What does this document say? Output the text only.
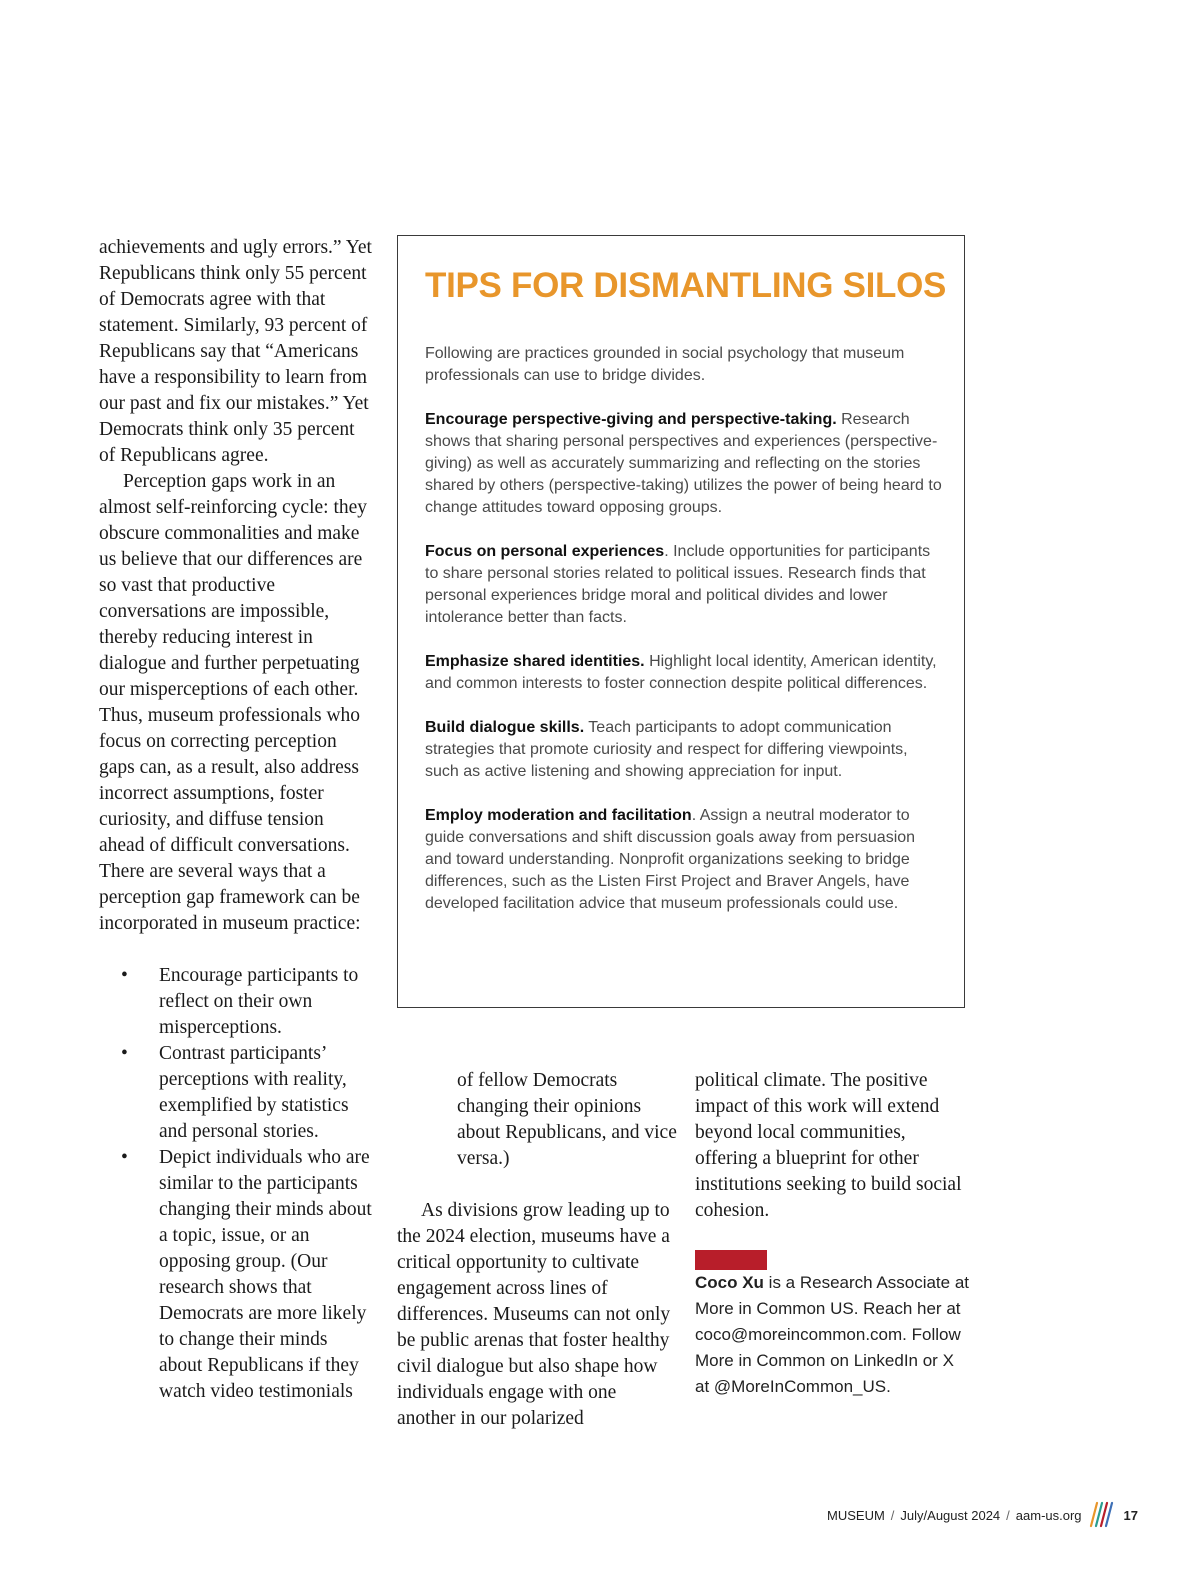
achievements and ugly errors.” Yet Republicans think only 55 percent of Democrats agree with that statement. Similarly, 93 percent of Republicans say that “Americans have a responsibility to learn from our past and fix our mistakes.” Yet Democrats think only 35 percent of Republicans agree.

Perception gaps work in an almost self-reinforcing cycle: they obscure commonalities and make us believe that our differences are so vast that productive conversations are impossible, thereby reducing interest in dialogue and further perpetuating our misperceptions of each other. Thus, museum professionals who focus on correcting perception gaps can, as a result, also address incorrect assumptions, foster curiosity, and diffuse tension ahead of difficult conversations. There are several ways that a perception gap framework can be incorporated in museum practice:

• Encourage participants to reflect on their own misperceptions.
• Contrast participants’ perceptions with reality, exemplified by statistics and personal stories.
• Depict individuals who are similar to the participants changing their minds about a topic, issue, or an opposing group. (Our research shows that Democrats are more likely to change their minds about Republicans if they watch video testimonials
TIPS FOR DISMANTLING SILOS

Following are practices grounded in social psychology that museum professionals can use to bridge divides.

Encourage perspective-giving and perspective-taking. Research shows that sharing personal perspectives and experiences (perspective-giving) as well as accurately summarizing and reflecting on the stories shared by others (perspective-taking) utilizes the power of being heard to change attitudes toward opposing groups.

Focus on personal experiences. Include opportunities for participants to share personal stories related to political issues. Research finds that personal experiences bridge moral and political divides and lower intolerance better than facts.

Emphasize shared identities. Highlight local identity, American identity, and common interests to foster connection despite political differences.

Build dialogue skills. Teach participants to adopt communication strategies that promote curiosity and respect for differing viewpoints, such as active listening and showing appreciation for input.

Employ moderation and facilitation. Assign a neutral moderator to guide conversations and shift discussion goals away from persuasion and toward understanding. Nonprofit organizations seeking to bridge differences, such as the Listen First Project and Braver Angels, have developed facilitation advice that museum professionals could use.

of fellow Democrats changing their opinions about Republicans, and vice versa.)

As divisions grow leading up to the 2024 election, museums have a critical opportunity to cultivate engagement across lines of differences. Museums can not only be public arenas that foster healthy civil dialogue but also shape how individuals engage with one another in our polarized

political climate. The positive impact of this work will extend beyond local communities, offering a blueprint for other institutions seeking to build social cohesion.

Coco Xu is a Research Associate at More in Common US. Reach her at coco@moreincommon.com. Follow More in Common on LinkedIn or X at @MoreInCommon_US.

MUSEUM / July/August 2024 / aam-us.org	17
